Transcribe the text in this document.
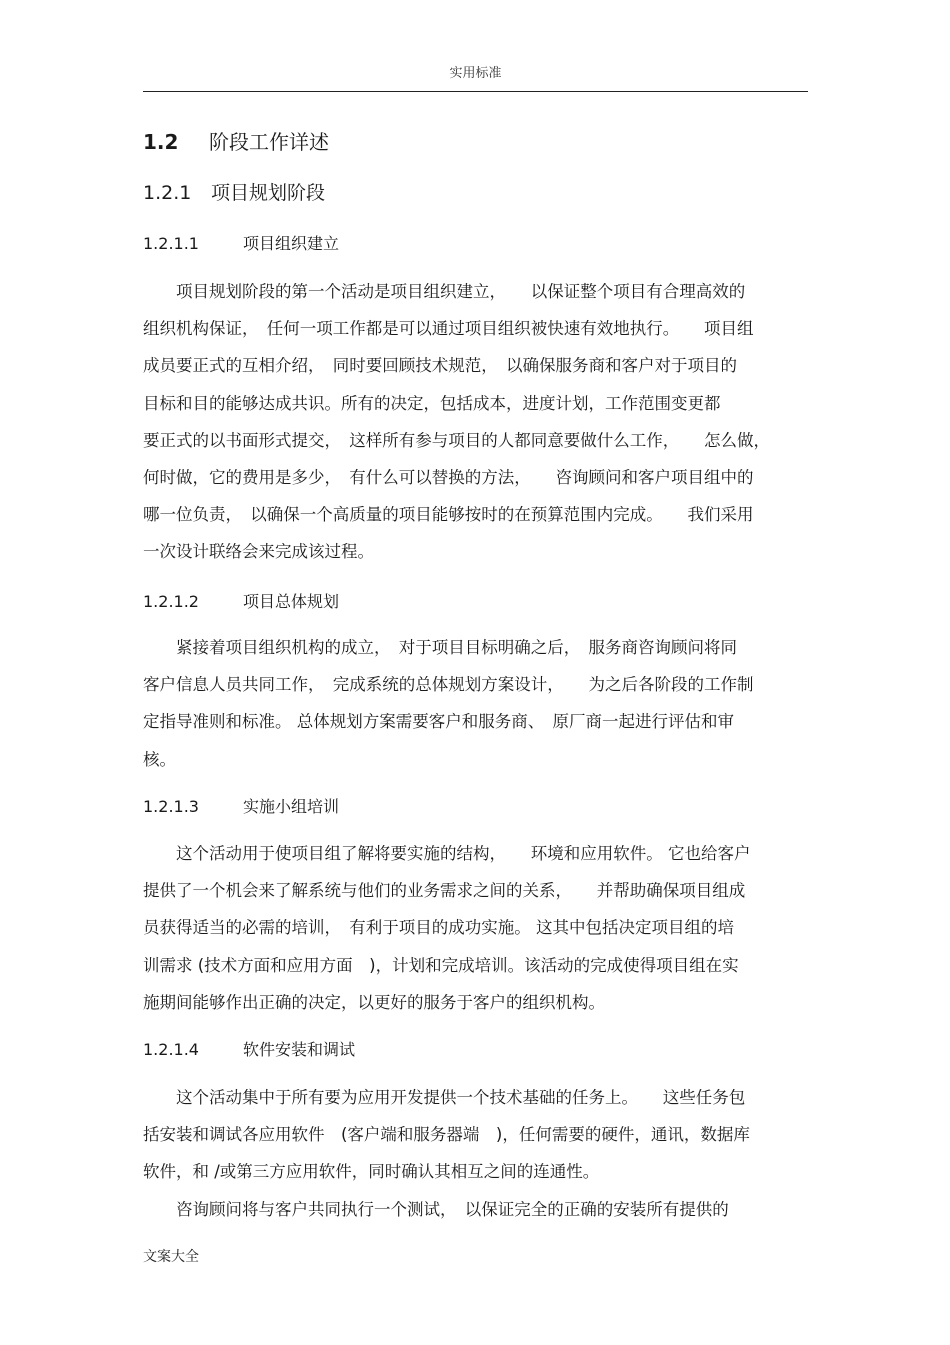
实用标准
1.2 阶段工作详述
1.2.1 项目规划阶段
1.2.1.1	项目组织建立

　　项目规划阶段的第一个活动是项目组织建立，　　以保证整个项目有合理高效的
组织机构保证，　任何一项工作都是可以通过项目组织被快速有效地执行。　　项目组
成员要正式的互相介绍，　同时要回顾技术规范，　以确保服务商和客户对于项目的
目标和目的能够达成共识。所有的决定，包括成本，进度计划，工作范围变更都
要正式的以书面形式提交，　这样所有参与项目的人都同意要做什么工作，　　怎么做，
何时做，它的费用是多少，　有什么可以替换的方法，　　咨询顾问和客户项目组中的
哪一位负责，　以确保一个高质量的项目能够按时的在预算范围内完成。　　我们采用
一次设计联络会来完成该过程。

1.2.1.2	项目总体规划

　　紧接着项目组织机构的成立，　对于项目目标明确之后，　服务商咨询顾问将同
客户信息人员共同工作，　完成系统的总体规划方案设计，　　为之后各阶段的工作制
定指导准则和标准。 总体规划方案需要客户和服务商、　原厂商一起进行评估和审
核。

1.2.1.3	实施小组培训

　　这个活动用于使项目组了解将要实施的结构，　　环境和应用软件。 它也给客户
提供了一个机会来了解系统与他们的业务需求之间的关系，　　并帮助确保项目组成
员获得适当的必需的培训，　有利于项目的成功实施。 这其中包括决定项目组的培
训需求 (技术方面和应用方面　)，计划和完成培训。该活动的完成使得项目组在实
施期间能够作出正确的决定，以更好的服务于客户的组织机构。

1.2.1.4	软件安装和调试

　　这个活动集中于所有要为应用开发提供一个技术基础的任务上。　　这些任务包
括安装和调试各应用软件　(客户端和服务器端　)，任何需要的硬件，通讯，数据库
软件，和 /或第三方应用软件，同时确认其相互之间的连通性。

　　咨询顾问将与客户共同执行一个测试，　以保证完全的正确的安装所有提供的

文案大全
